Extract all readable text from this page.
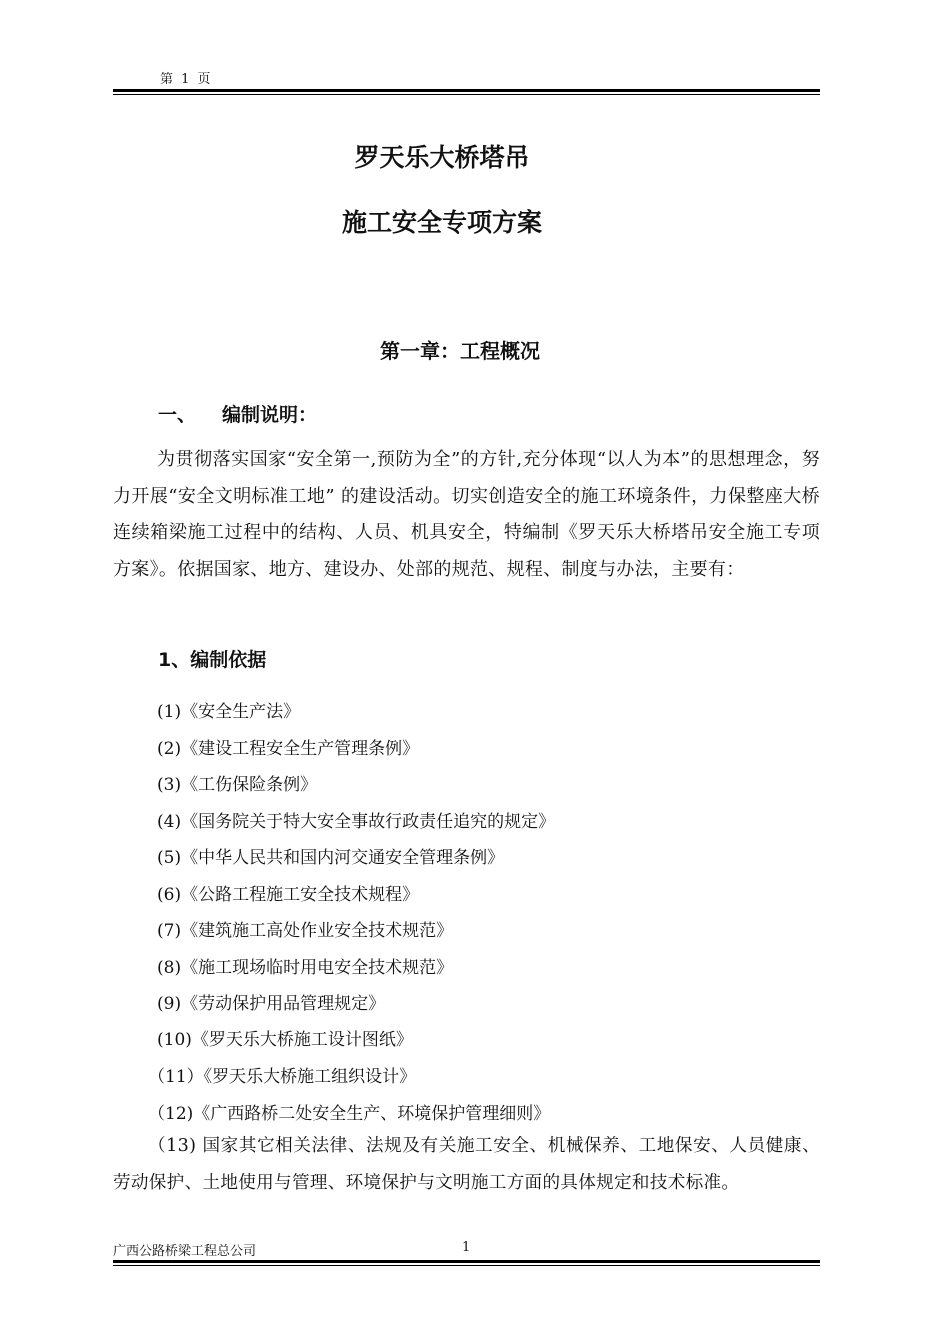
第 1 页
罗天乐大桥塔吊
施工安全专项方案
第一章：工程概况
一、 编制说明：
为贯彻落实国家“安全第一,预防为全”的方针,充分体现“以人为本”的思想理念，努力开展“安全文明标准工地” 的建设活动。切实创造安全的施工环境条件，力保整座大桥连续箱梁施工过程中的结构、人员、机具安全，特编制《罗天乐大桥塔吊安全施工专项方案》。依据国家、地方、建设办、处部的规范、规程、制度与办法，主要有：
1、编制依据
(1)《安全生产法》
(2)《建设工程安全生产管理条例》
(3)《工伤保险条例》
(4)《国务院关于特大安全事故行政责任追究的规定》
(5)《中华人民共和国内河交通安全管理条例》
(6)《公路工程施工安全技术规程》
(7)《建筑施工高处作业安全技术规范》
(8)《施工现场临时用电安全技术规范》
(9)《劳动保护用品管理规定》
(10)《罗天乐大桥施工设计图纸》
（11）《罗天乐大桥施工组织设计》
（12)《广西路桥二处安全生产、环境保护管理细则》
（13) 国家其它相关法律、法规及有关施工安全、机械保养、工地保安、人员健康、劳动保护、土地使用与管理、环境保护与文明施工方面的具体规定和技术标准。
广西公路桥梁工程总公司	1
